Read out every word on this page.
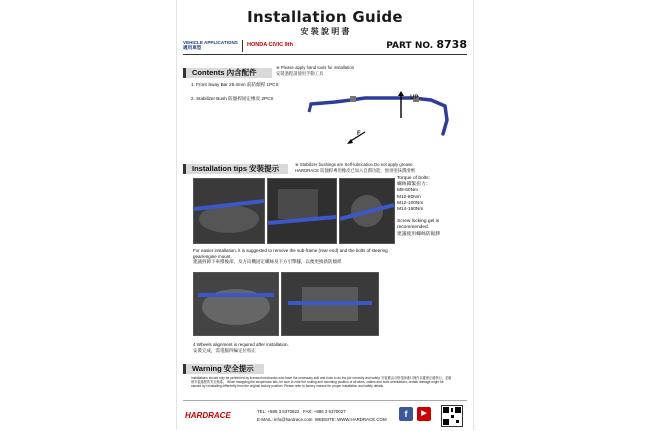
Installation Guide
安 裝 說 明 書
VEHICLE APPLICATIONS
適用車型	HONDA CIVIC 9th	PART NO. 8738
Contents 內含配件
※ Please apply hand tools for installation
安裝過程請使用手動工具
1. Front Sway Bar 25.4mm 前防傾桿 1PCS
2. Stabilizer Bush 防傾桿固定橡皮 2PCS	UP
F
Installation tips 安裝提示	※ Stabilizer bushings are Self-lubrication.Do not apply grease.
HARDRACE 防傾桿專用橡皮已加入自潤功能，無須塗抹潤滑劑
Torque of bolts:
螺絲鎖緊扭力：
M8-60Nm
M10-80Nm
M12-100Nm
M14-160Nm
Screw locking gel is recommended.
建議使用螺絲防鬆膠
For easier installation, it is suggested to remove the sub-frame (rear end) and the bolts of steering gear/engine mount.
建議拆卸下車撐後部，及方向機固定螺絲及下方引擎腳，以便更換新防傾桿
4 Wheels alignment is required after installation.
安裝完成，需電腦四輪定位校正
Warning 安全提示
Installations should only be performed by licensed mechanics who have the necessary skill and tools to do the job correctly and safely. 安裝應由合格技師進行操作以確保正確執行，並確保安裝過程的安全無虞。 When swapping the suspension kits, be sure to note the routing and mounting position of all wires, cables and bolts orientations; certain damage might be caused by reinstalling differently from the original factory position. Please refer to factory manual for proper installation and safety details.
HARDRACE	TEL: +886 3 5370822 FAX: +886 3 5370027
E-MAIL: info@hardrace.com WEBSITE: WWW.HARDRACE.COM
f	▶
